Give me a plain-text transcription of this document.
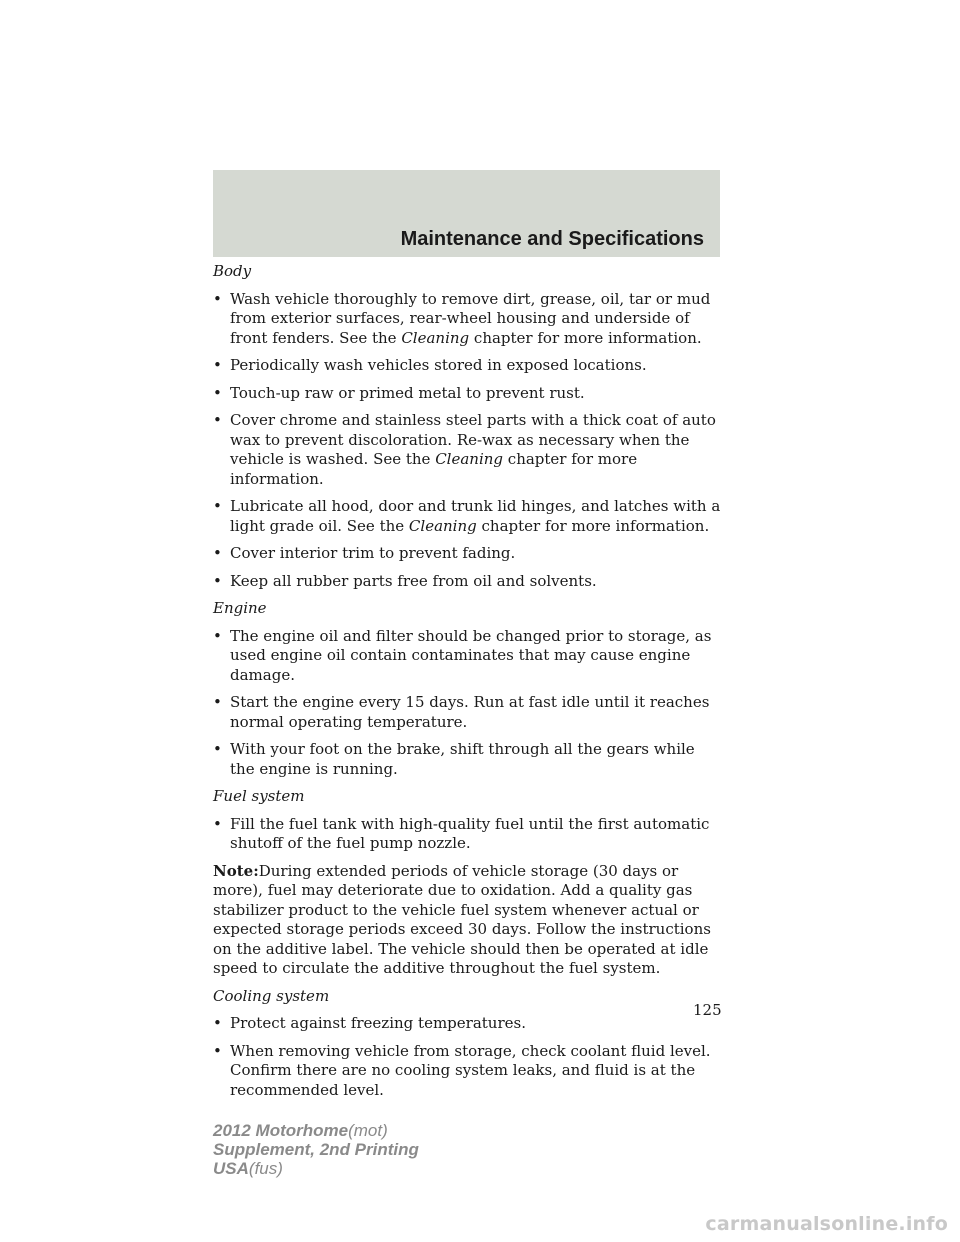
Maintenance and Specifications

Body

• Wash vehicle thoroughly to remove dirt, grease, oil, tar or mud from exterior surfaces, rear-wheel housing and underside of front fenders. See the Cleaning chapter for more information.

• Periodically wash vehicles stored in exposed locations.

• Touch-up raw or primed metal to prevent rust.

• Cover chrome and stainless steel parts with a thick coat of auto wax to prevent discoloration. Re-wax as necessary when the vehicle is washed. See the Cleaning chapter for more information.

• Lubricate all hood, door and trunk lid hinges, and latches with a light grade oil. See the Cleaning chapter for more information.

• Cover interior trim to prevent fading.

• Keep all rubber parts free from oil and solvents.

Engine

• The engine oil and filter should be changed prior to storage, as used engine oil contain contaminates that may cause engine damage.

• Start the engine every 15 days. Run at fast idle until it reaches normal operating temperature.

• With your foot on the brake, shift through all the gears while the engine is running.

Fuel system

• Fill the fuel tank with high-quality fuel until the first automatic shutoff of the fuel pump nozzle.

Note:During extended periods of vehicle storage (30 days or more), fuel may deteriorate due to oxidation. Add a quality gas stabilizer product to the vehicle fuel system whenever actual or expected storage periods exceed 30 days. Follow the instructions on the additive label. The vehicle should then be operated at idle speed to circulate the additive throughout the fuel system.

Cooling system

• Protect against freezing temperatures.

• When removing vehicle from storage, check coolant fluid level. Confirm there are no cooling system leaks, and fluid is at the recommended level.

125
2012 Motorhome(mot)
Supplement, 2nd Printing
USA(fus)
carmanualsonline.info
